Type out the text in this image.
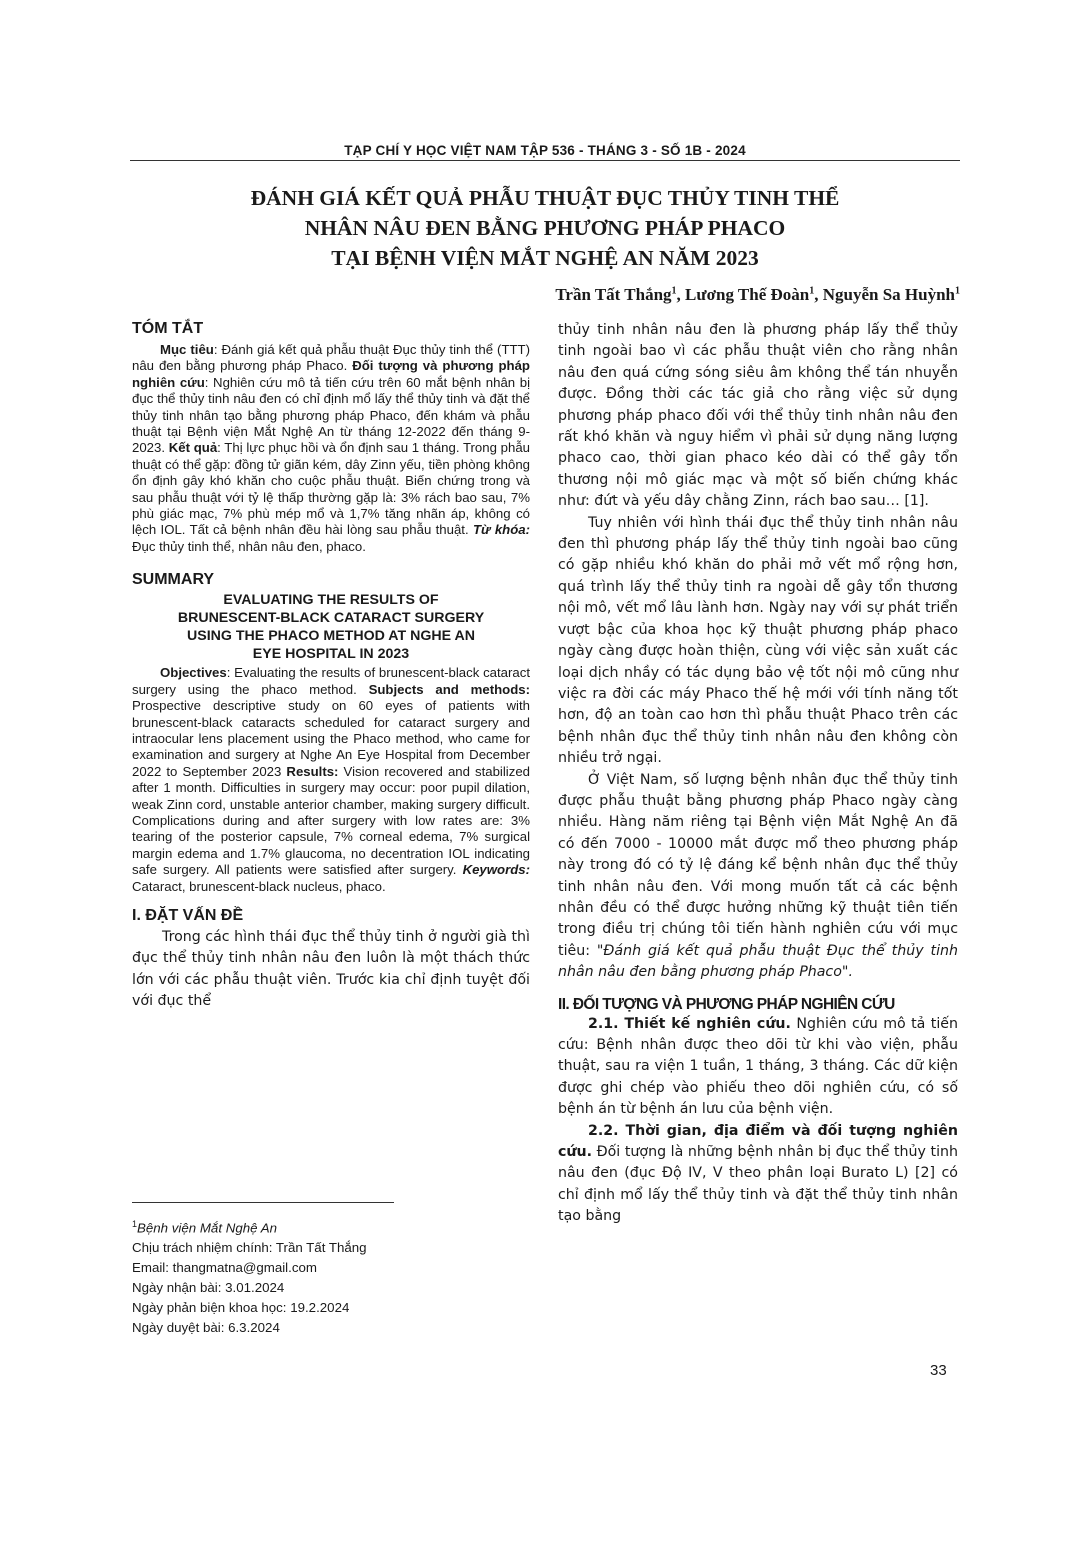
TẠP CHÍ Y HỌC VIỆT NAM TẬP 536 - THÁNG 3 - SỐ 1B - 2024
ĐÁNH GIÁ KẾT QUẢ PHẪU THUẬT ĐỤC THỦY TINH THỂ
NHÂN NÂU ĐEN BẰNG PHƯƠNG PHÁP PHACO
TẠI BỆNH VIỆN MẮT NGHỆ AN NĂM 2023
Trần Tất Thắng$^1$, Lương Thế Đoàn$^1$, Nguyễn Sa Huỳnh$^1$
TÓM TẮT

Mục tiêu: Đánh giá kết quả phẫu thuật Đục thủy tinh thể (TTT) nâu đen bằng phương pháp Phaco. Đối tượng và phương pháp nghiên cứu: Nghiên cứu mô tả tiến cứu trên 60 mắt bệnh nhân bị đục thể thủy tinh nâu đen có chỉ định mổ lấy thể thủy tinh và đặt thể thủy tinh nhân tạo bằng phương pháp Phaco, đến khám và phẫu thuật tại Bệnh viện Mắt Nghệ An từ tháng 12-2022 đến tháng 9-2023. Kết quả: Thị lực phục hồi và ổn định sau 1 tháng. Trong phẫu thuật có thể gặp: đồng tử giãn kém, dây Zinn yếu, tiền phòng không ổn định gây khó khăn cho cuộc phẫu thuật. Biến chứng trong và sau phẫu thuật với tỷ lệ thấp thường gặp là: 3% rách bao sau, 7% phù giác mạc, 7% phù mép mổ và 1,7% tăng nhãn áp, không có lệch IOL. Tất cả bệnh nhân đều hài lòng sau phẫu thuật. Từ khóa: Đục thủy tinh thể, nhân nâu đen, phaco.

SUMMARY
EVALUATING THE RESULTS OF
BRUNESCENT-BLACK CATARACT SURGERY
USING THE PHACO METHOD AT NGHE AN
EYE HOSPITAL IN 2023

Objectives: Evaluating the results of brunescent-black cataract surgery using the phaco method. Subjects and methods: Prospective descriptive study on 60 eyes of patients with brunescent-black cataracts scheduled for cataract surgery and intraocular lens placement using the Phaco method, who came for examination and surgery at Nghe An Eye Hospital from December 2022 to September 2023 Results: Vision recovered and stabilized after 1 month. Difficulties in surgery may occur: poor pupil dilation, weak Zinn cord, unstable anterior chamber, making surgery difficult. Complications during and after surgery with low rates are: 3% tearing of the posterior capsule, 7% corneal edema, 7% surgical margin edema and 1.7% glaucoma, no decentration IOL indicating safe surgery. All patients were satisfied after surgery. Keywords: Cataract, brunescent-black nucleus, phaco.

I. ĐẶT VẤN ĐỀ

Trong các hình thái đục thể thủy tinh ở người già thì đục thể thủy tinh nhân nâu đen luôn là một thách thức lớn với các phẫu thuật viên. Trước kia chỉ định tuyệt đối với đục thể

thủy tinh nhân nâu đen là phương pháp lấy thể thủy tinh ngoài bao vì các phẫu thuật viên cho rằng nhân nâu đen quá cứng sóng siêu âm không thể tán nhuyễn được. Đồng thời các tác giả cho rằng việc sử dụng phương pháp phaco đối với thể thủy tinh nhân nâu đen rất khó khăn và nguy hiểm vì phải sử dụng năng lượng phaco cao, thời gian phaco kéo dài có thể gây tổn thương nội mô giác mạc và một số biến chứng khác như: đứt và yếu dây chằng Zinn, rách bao sau… [1].

Tuy nhiên với hình thái đục thể thủy tinh nhân nâu đen thì phương pháp lấy thể thủy tinh ngoài bao cũng có gặp nhiều khó khăn do phải mở vết mổ rộng hơn, quá trình lấy thể thủy tinh ra ngoài dễ gây tổn thương nội mô, vết mổ lâu lành hơn. Ngày nay với sự phát triển vượt bậc của khoa học kỹ thuật phương pháp phaco ngày càng được hoàn thiện, cùng với việc sản xuất các loại dịch nhầy có tác dụng bảo vệ tốt nội mô cũng như việc ra đời các máy Phaco thế hệ mới với tính năng tốt hơn, độ an toàn cao hơn thì phẫu thuật Phaco trên các bệnh nhân đục thể thủy tinh nhân nâu đen không còn nhiều trở ngại.

Ở Việt Nam, số lượng bệnh nhân đục thể thủy tinh được phẫu thuật bằng phương pháp Phaco ngày càng nhiều. Hàng năm riêng tại Bệnh viện Mắt Nghệ An đã có đến 7000 - 10000 mắt được mổ theo phương pháp này trong đó có tỷ lệ đáng kể bệnh nhân đục thể thủy tinh nhân nâu đen. Với mong muốn tất cả các bệnh nhân đều có thể được hưởng những kỹ thuật tiên tiến trong điều trị chúng tôi tiến hành nghiên cứu với mục tiêu: "Đánh giá kết quả phẫu thuật Đục thể thủy tinh nhân nâu đen bằng phương pháp Phaco".

II. ĐỐI TƯỢNG VÀ PHƯƠNG PHÁP NGHIÊN CỨU

2.1. Thiết kế nghiên cứu. Nghiên cứu mô tả tiến cứu: Bệnh nhân được theo dõi từ khi vào viện, phẫu thuật, sau ra viện 1 tuần, 1 tháng, 3 tháng. Các dữ kiện được ghi chép vào phiếu theo dõi nghiên cứu, có số bệnh án từ bệnh án lưu của bệnh viện.

2.2. Thời gian, địa điểm và đối tượng nghiên cứu. Đối tượng là những bệnh nhân bị đục thể thủy tinh nâu đen (đục Độ IV, V theo phân loại Burato L) [2] có chỉ định mổ lấy thể thủy tinh và đặt thể thủy tinh nhân tạo bằng

$^1$Bệnh viện Mắt Nghệ An
Chịu trách nhiệm chính: Trần Tất Thắng
Email: thangmatna@gmail.com
Ngày nhận bài: 3.01.2024
Ngày phản biện khoa học: 19.2.2024
Ngày duyệt bài: 6.3.2024
33
